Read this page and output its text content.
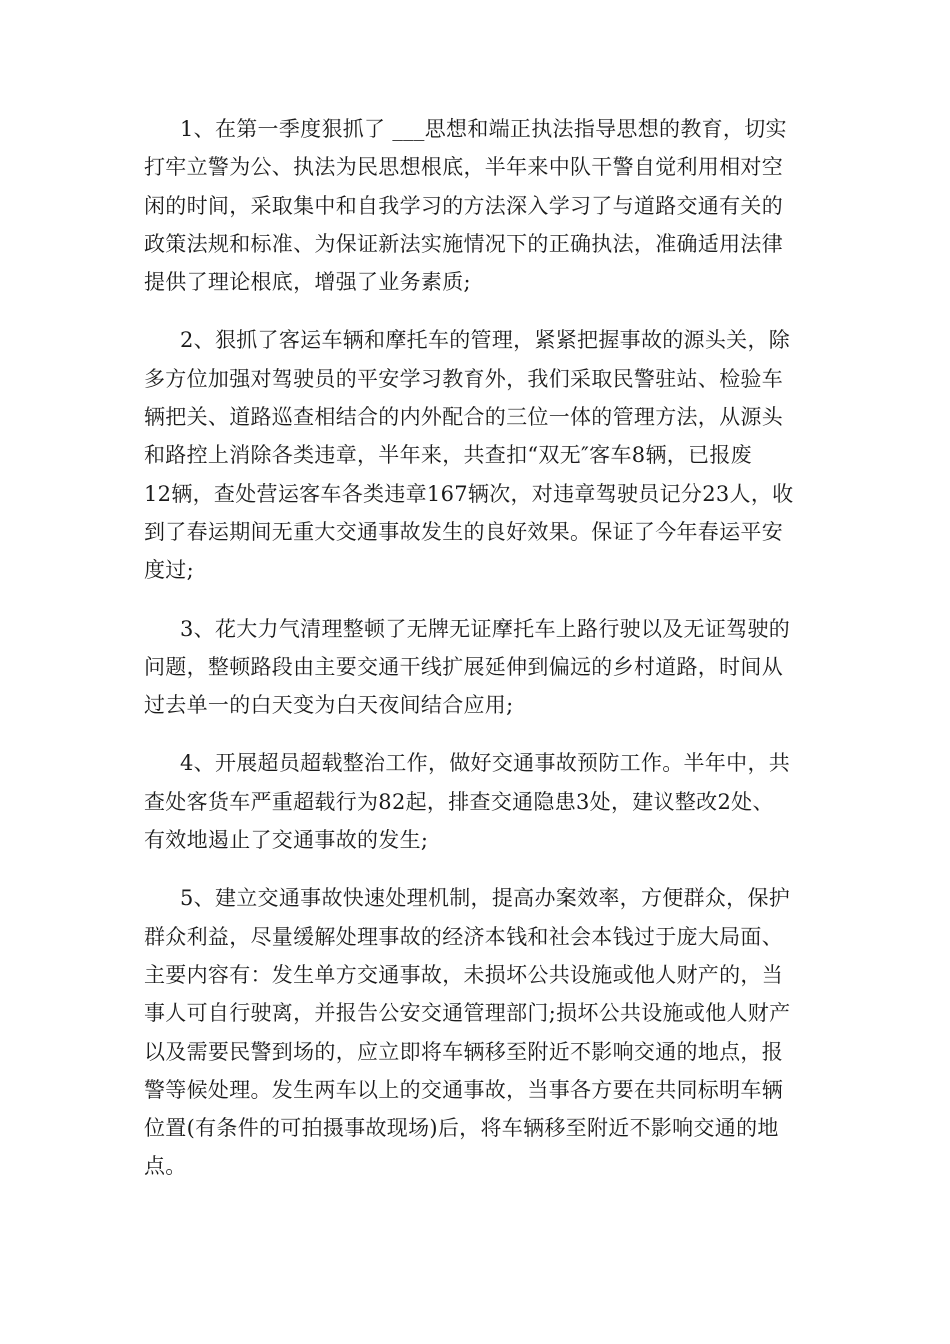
1、在第一季度狠抓了 ___思想和端正执法指导思想的教育，切实
打牢立警为公、执法为民思想根底，半年来中队干警自觉利用相对空
闲的时间，采取集中和自我学习的方法深入学习了与道路交通有关的
政策法规和标准、为保证新法实施情况下的正确执法，准确适用法律
提供了理论根底，增强了业务素质;

2、狠抓了客运车辆和摩托车的管理，紧紧把握事故的源头关，除
多方位加强对驾驶员的平安学习教育外，我们采取民警驻站、检验车
辆把关、道路巡查相结合的内外配合的三位一体的管理方法，从源头
和路控上消除各类违章，半年来，共查扣“双无″客车8辆，已报废
12辆，查处营运客车各类违章167辆次，对违章驾驶员记分23人，收
到了春运期间无重大交通事故发生的良好效果。保证了今年春运平安
度过;

3、花大力气清理整顿了无牌无证摩托车上路行驶以及无证驾驶的
问题，整顿路段由主要交通干线扩展延伸到偏远的乡村道路，时间从
过去单一的白天变为白天夜间结合应用;

4、开展超员超载整治工作，做好交通事故预防工作。半年中，共
查处客货车严重超载行为82起，排查交通隐患3处，建议整改2处、
有效地遏止了交通事故的发生;

5、建立交通事故快速处理机制，提高办案效率，方便群众，保护
群众利益，尽量缓解处理事故的经济本钱和社会本钱过于庞大局面、
主要内容有：发生单方交通事故，未损坏公共设施或他人财产的，当
事人可自行驶离，并报告公安交通管理部门;损坏公共设施或他人财产
以及需要民警到场的，应立即将车辆移至附近不影响交通的地点，报
警等候处理。发生两车以上的交通事故，当事各方要在共同标明车辆
位置(有条件的可拍摄事故现场)后，将车辆移至附近不影响交通的地
点。
